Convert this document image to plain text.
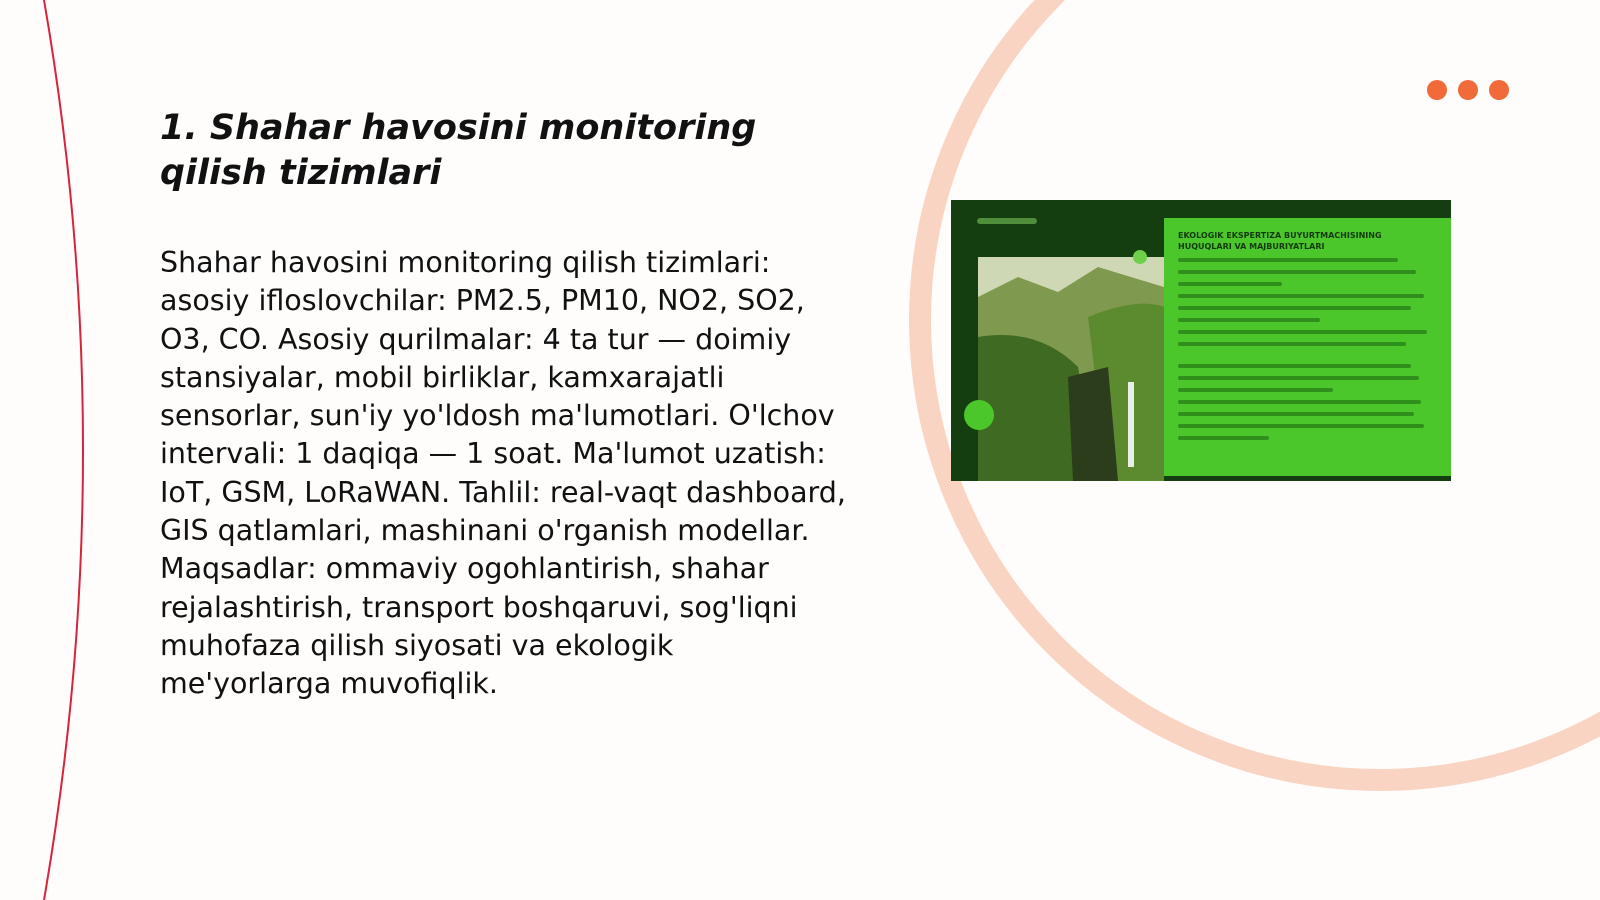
1. Shahar havosini monitoring qilish tizimlari

Shahar havosini monitoring qilish tizimlari: asosiy ifloslovchilar: PM2.5, PM10, NO2, SO2, O3, CO. Asosiy qurilmalar: 4 ta tur — doimiy stansiyalar, mobil birliklar, kamxarajatli sensorlar, sun'iy yo'ldosh ma'lumotlari. O'lchov intervali: 1 daqiqa — 1 soat. Ma'lumot uzatish: IoT, GSM, LoRaWAN. Tahlil: real-vaqt dashboard, GIS qatlamlari, mashinani o'rganish modellar. Maqsadlar: ommaviy ogohlantirish, shahar rejalashtirish, transport boshqaruvi, sog'liqni muhofaza qilish siyosati va ekologik me'yorlarga muvofiqlik.

EKOLOGIK EKSPERTIZA BUYURTMACHISINING HUQUQLARI VA MAJBURIYATLARI
